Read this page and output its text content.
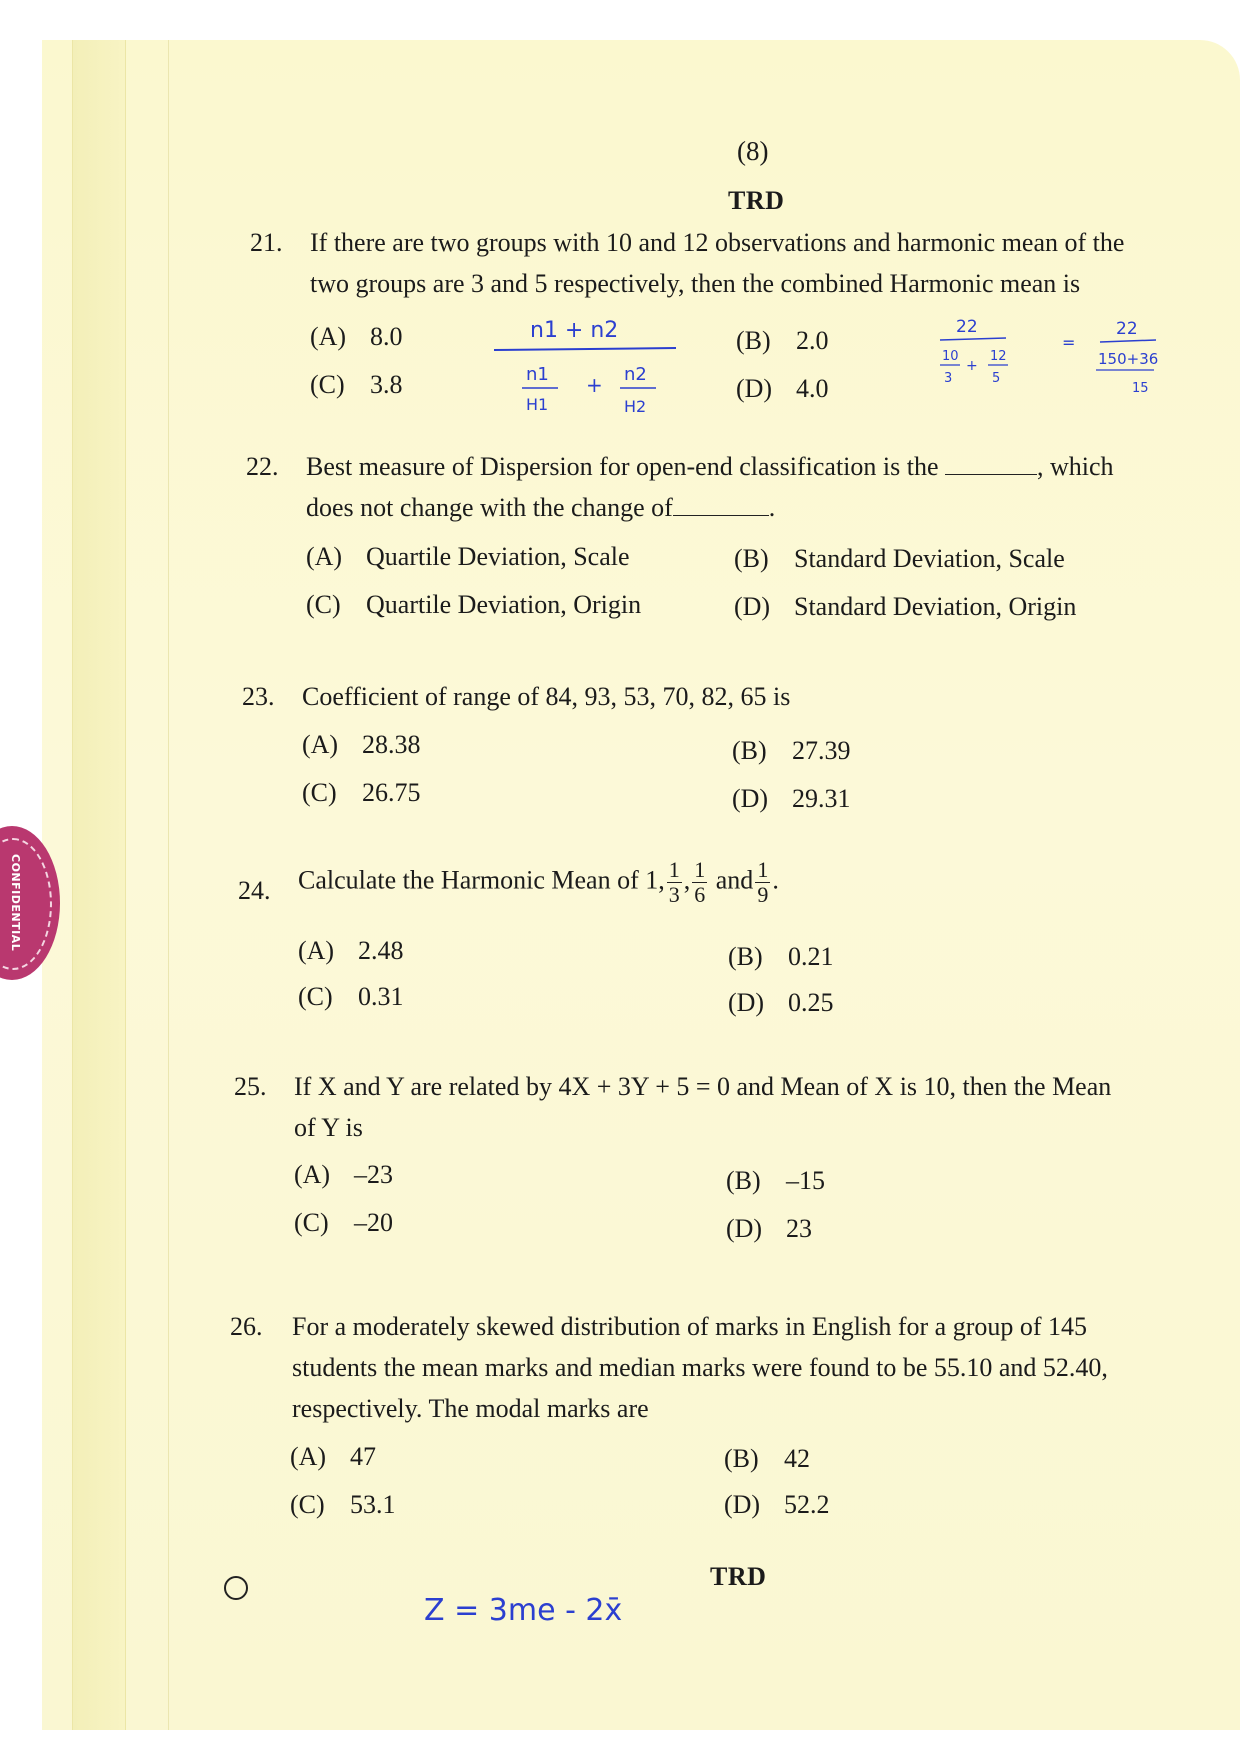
CONFIDENTIAL
(8)
TRD
21. If there are two groups with 10 and 12 observations and harmonic mean of the
two groups are 3 and 5 respectively, then the combined Harmonic mean is
(A) 8.0	(B) 2.0
(C) 3.8	(D) 4.0
n1 + n2
n1
H1
+ n2
H2
22
10
3
+
12
5
=
22
150+36
15
22. Best measure of Dispersion for open-end classification is the	, which
does not change with the change of	.
(A) Quartile Deviation, Scale	(B) Standard Deviation, Scale
(C) Quartile Deviation, Origin	(D) Standard Deviation, Origin
23. Coefficient of range of 84, 93, 53, 70, 82, 65 is
(A) 28.38	(B) 27.39
(C) 26.75	(D) 29.31
24. Calculate the Harmonic Mean of 1, $\frac{1}{3}$ , $\frac{1}{6}$ and $\frac{1}{9}$ .
(A) 2.48	(B) 0.21
(C) 0.31	(D) 0.25
25. If X and Y are related by 4X + 3Y + 5 = 0 and Mean of X is 10, then the Mean
of Y is
(A) –23	(B) –15
(C) –20	(D) 23
26. For a moderately skewed distribution of marks in English for a group of 145
students the mean marks and median marks were found to be 55.10 and 52.40,
respectively. The modal marks are
(A) 47	(B) 42
(C) 53.1	(D) 52.2
TRD
Z = 3me - 2x̄
